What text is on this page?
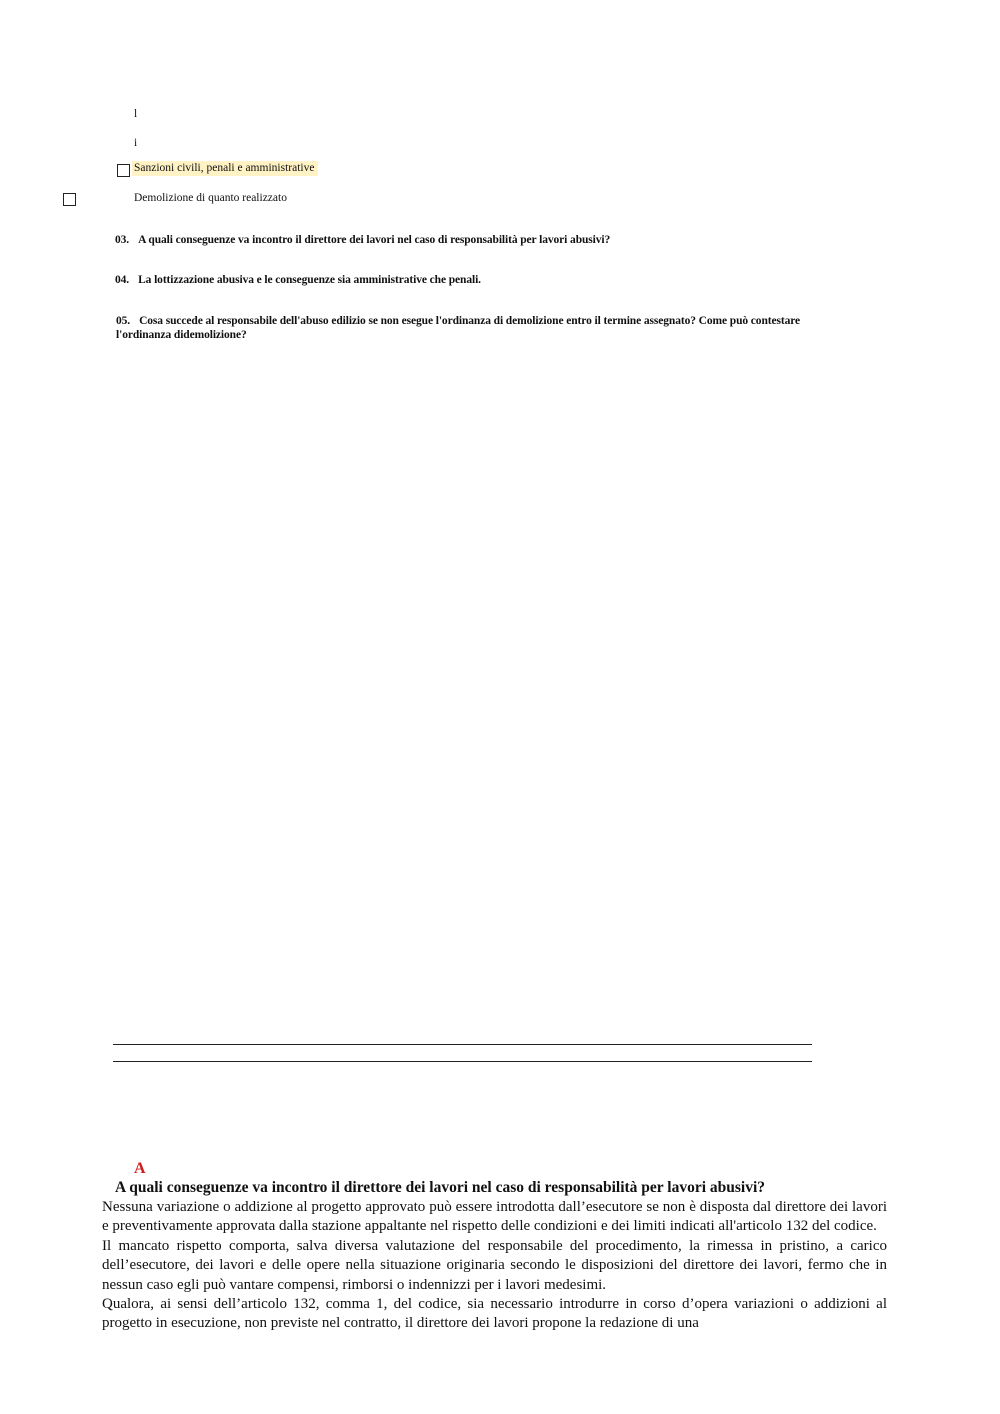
l
i
Sanzioni civili, penali e amministrative
Demolizione di quanto realizzato
03. A quali conseguenze va incontro il direttore dei lavori nel caso di responsabilità per lavori abusivi?
04. La lottizzazione abusiva e le conseguenze sia amministrative che penali.
05. Cosa succede al responsabile dell'abuso edilizio se non esegue l'ordinanza di demolizione entro il termine assegnato? Come può contestare l'ordinanza didemolizione?
A
A quali conseguenze va incontro il direttore dei lavori nel caso di responsabilità per lavori abusivi?

Nessuna variazione o addizione al progetto approvato può essere introdotta dall’esecutore se non è disposta dal direttore dei lavori e preventivamente approvata dalla stazione appaltante nel rispetto delle condizioni e dei limiti indicati all'articolo 132 del codice.

Il mancato rispetto comporta, salva diversa valutazione del responsabile del procedimento, la rimessa in pristino, a carico dell’esecutore, dei lavori e delle opere nella situazione originaria secondo le disposizioni del direttore dei lavori, fermo che in nessun caso egli può vantare compensi, rimborsi o indennizzi per i lavori medesimi.

Qualora, ai sensi dell’articolo 132, comma 1, del codice, sia necessario introdurre in corso d’opera variazioni o addizioni al progetto in esecuzione, non previste nel contratto, il direttore dei lavori propone la redazione di una
